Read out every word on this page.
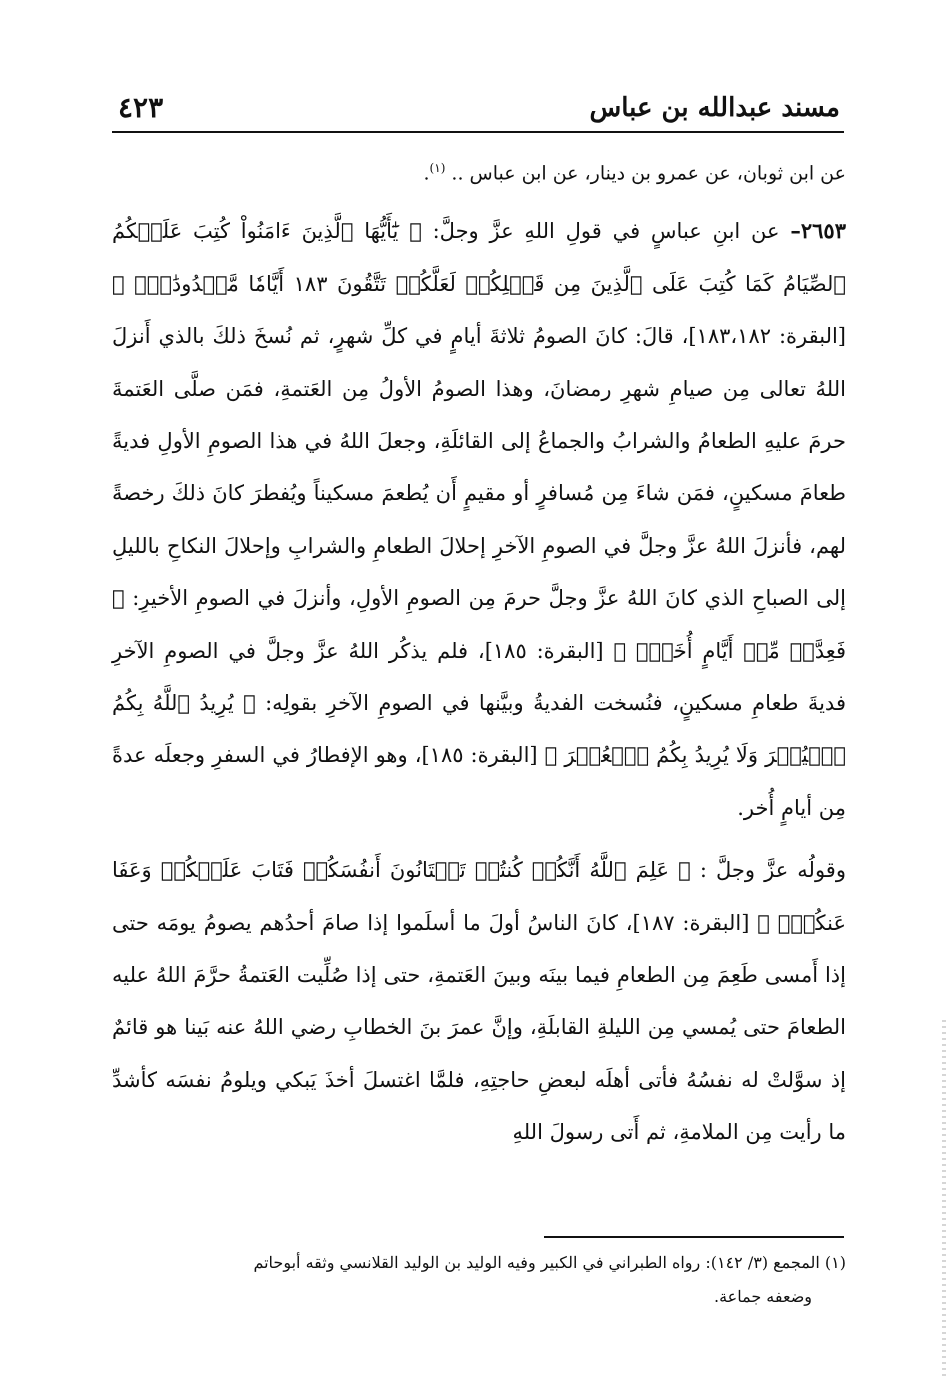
مسند عبدالله بن عباس
٤٢٣

عن ابن ثوبان، عن عمرو بن دينار، عن ابن عباس .. $^{(١)}$.

٢٦٥٣– عن ابنِ عباسٍ في قولِ اللهِ عزَّ وجلَّ: ﴿ يَٰٓأَيُّهَا ٱلَّذِينَ ءَامَنُواْ كُتِبَ عَلَيۡكُمُ ٱلصِّيَامُ كَمَا كُتِبَ عَلَى ٱلَّذِينَ مِن قَبۡلِكُمۡ لَعَلَّكُمۡ تَتَّقُونَ ١٨٣ أَيَّامٗا مَّعۡدُودَٰتٖۚ ﴾ [البقرة: ١٨٣،١٨٢]، قالَ: كانَ الصومُ ثلاثةَ أيامٍ في كلِّ شهرٍ، ثم نُسخَ ذلكَ بالذي أَنزلَ اللهُ تعالى مِن صيامِ شهرِ رمضانَ، وهذا الصومُ الأولُ مِن العَتمةِ، فمَن صلَّى العَتمةَ حرمَ عليهِ الطعامُ والشرابُ والجماعُ إلى القائلَةِ، وجعلَ اللهُ في هذا الصومِ الأولِ فديةً طعامَ مسكينٍ، فمَن شاءَ مِن مُسافرٍ أو مقيمٍ أَن يُطعمَ مسكيناً ويُفطرَ كانَ ذلكَ رخصةً لهم، فأنزلَ اللهُ عزَّ وجلَّ في الصومِ الآخرِ إحلالَ الطعامِ والشرابِ وإحلالَ النكاحِ بالليلِ إلى الصباحِ الذي كانَ اللهُ عزَّ وجلَّ حرمَ مِن الصومِ الأولِ، وأنزلَ في الصومِ الأخيرِ: ﴿ فَعِدَّةٞ مِّنۡ أَيَّامٍ أُخَرَۚ ﴾ [البقرة: ١٨٥]، فلم يذكُر اللهُ عزَّ وجلَّ في الصومِ الآخرِ فديةَ طعامِ مسكينٍ، فنُسخت الفديةُ وبيَّنها في الصومِ الآخرِ بقولِه: ﴿ يُرِيدُ ٱللَّهُ بِكُمُ ٱلۡيُسۡرَ وَلَا يُرِيدُ بِكُمُ ٱلۡعُسۡرَ ﴾ [البقرة: ١٨٥]، وهو الإفطارُ في السفرِ وجعلَه عدةً مِن أيامٍ أُخر.

وقولُه عزَّ وجلَّ : ﴿ عَلِمَ ٱللَّهُ أَنَّكُمۡ كُنتُمۡ تَخۡتَانُونَ أَنفُسَكُمۡ فَتَابَ عَلَيۡكُمۡ وَعَفَا عَنكُمۡۖ ﴾ [البقرة: ١٨٧]، كانَ الناسُ أولَ ما أسلَموا إذا صامَ أحدُهم يصومُ يومَه حتى إذا أَمسى طَعِمَ مِن الطعامِ فيما بينَه وبينَ العَتمةِ، حتى إذا صُلِّيت العَتمةُ حرَّمَ اللهُ عليه الطعامَ حتى يُمسي مِن الليلةِ القابلَةِ، وإنَّ عمرَ بنَ الخطابِ رضي اللهُ عنه بَينا هو قائمٌ إذ سوَّلتْ له نفسُهُ فأتى أهلَه لبعضِ حاجتِهِ، فلمَّا اغتسلَ أخذَ يَبكي ويلومُ نفسَه كأشدِّ ما رأيت مِن الملامةِ، ثم أَتى رسولَ اللهِ

(١) المجمع (٣/ ١٤٢): رواه الطبراني في الكبير وفيه الوليد بن الوليد القلانسي وثقه أبوحاتم

وضعفه جماعة.
